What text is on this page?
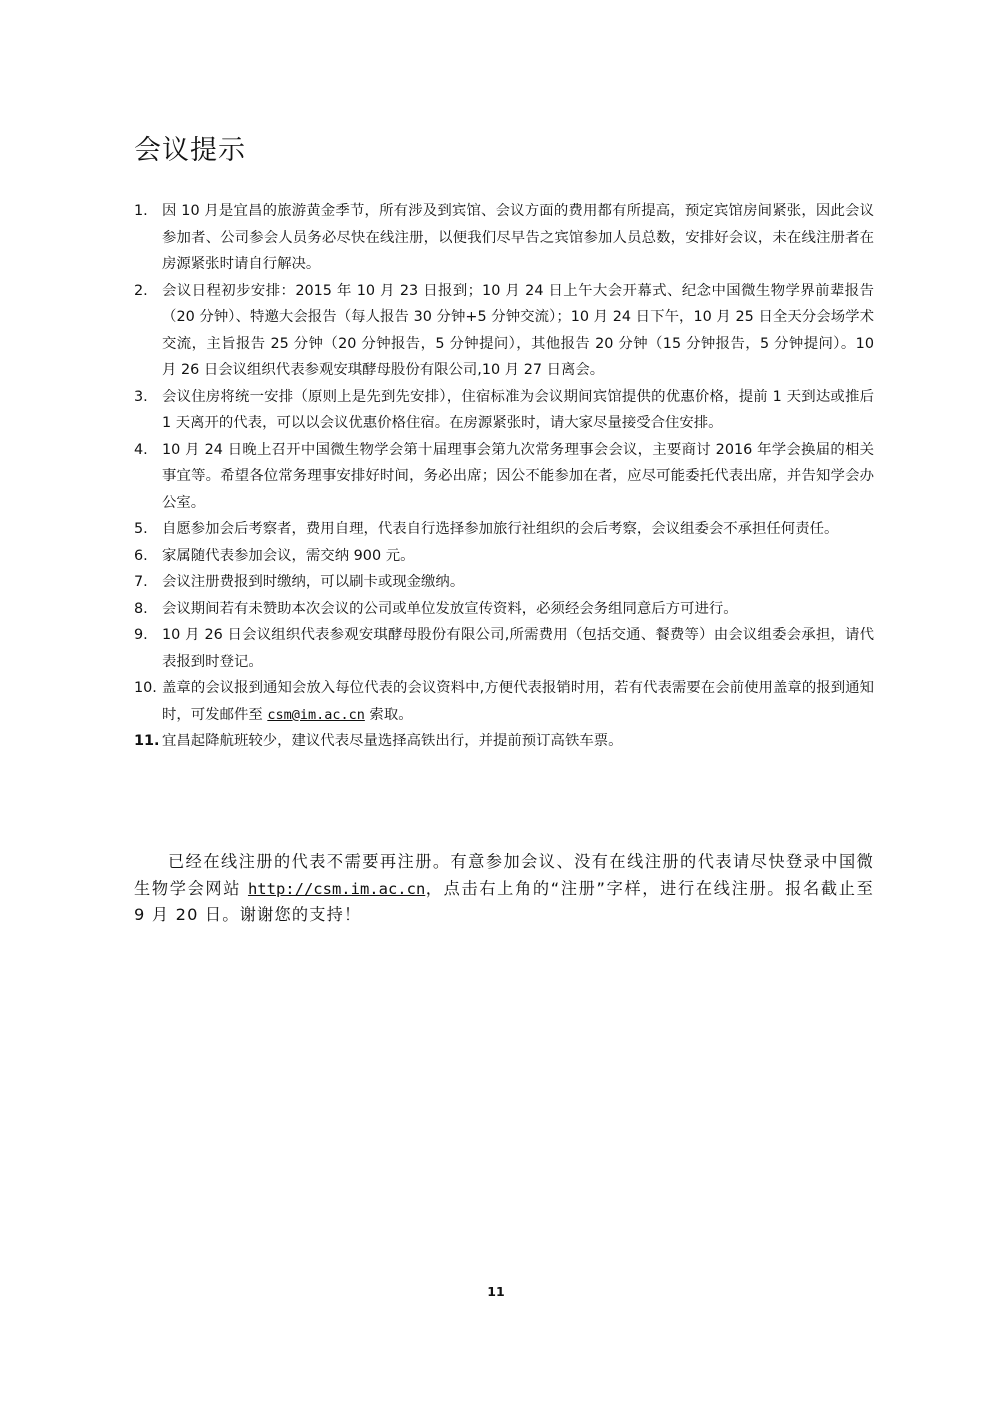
会议提示
1. 因 10 月是宜昌的旅游黄金季节，所有涉及到宾馆、会议方面的费用都有所提高，预定宾馆房间紧张，因此会议参加者、公司参会人员务必尽快在线注册，以便我们尽早告之宾馆参加人员总数，安排好会议，未在线注册者在房源紧张时请自行解决。
2. 会议日程初步安排：2015 年 10 月 23 日报到；10 月 24 日上午大会开幕式、纪念中国微生物学界前辈报告（20 分钟）、特邀大会报告（每人报告 30 分钟+5 分钟交流）；10 月 24 日下午，10 月 25 日全天分会场学术交流，主旨报告 25 分钟（20 分钟报告，5 分钟提问），其他报告 20 分钟（15 分钟报告，5 分钟提问）。10 月 26 日会议组织代表参观安琪酵母股份有限公司,10 月 27 日离会。
3. 会议住房将统一安排（原则上是先到先安排），住宿标准为会议期间宾馆提供的优惠价格，提前 1 天到达或推后 1 天离开的代表，可以以会议优惠价格住宿。在房源紧张时，请大家尽量接受合住安排。
4. 10 月 24 日晚上召开中国微生物学会第十届理事会第九次常务理事会会议，主要商讨 2016 年学会换届的相关事宜等。希望各位常务理事安排好时间，务必出席；因公不能参加在者，应尽可能委托代表出席，并告知学会办公室。
5. 自愿参加会后考察者，费用自理，代表自行选择参加旅行社组织的会后考察，会议组委会不承担任何责任。
6. 家属随代表参加会议，需交纳 900 元。
7. 会议注册费报到时缴纳，可以刷卡或现金缴纳。
8. 会议期间若有未赞助本次会议的公司或单位发放宣传资料，必须经会务组同意后方可进行。
9. 10 月 26 日会议组织代表参观安琪酵母股份有限公司,所需费用（包括交通、餐费等）由会议组委会承担，请代表报到时登记。
10. 盖章的会议报到通知会放入每位代表的会议资料中,方便代表报销时用，若有代表需要在会前使用盖章的报到通知时，可发邮件至 csm@im.ac.cn 索取。
11. 宜昌起降航班较少，建议代表尽量选择高铁出行，并提前预订高铁车票。

已经在线注册的代表不需要再注册。有意参加会议、没有在线注册的代表请尽快登录中国微生物学会网站 http://csm.im.ac.cn，点击右上角的“注册”字样，进行在线注册。报名截止至 9 月 20 日。谢谢您的支持！

11
